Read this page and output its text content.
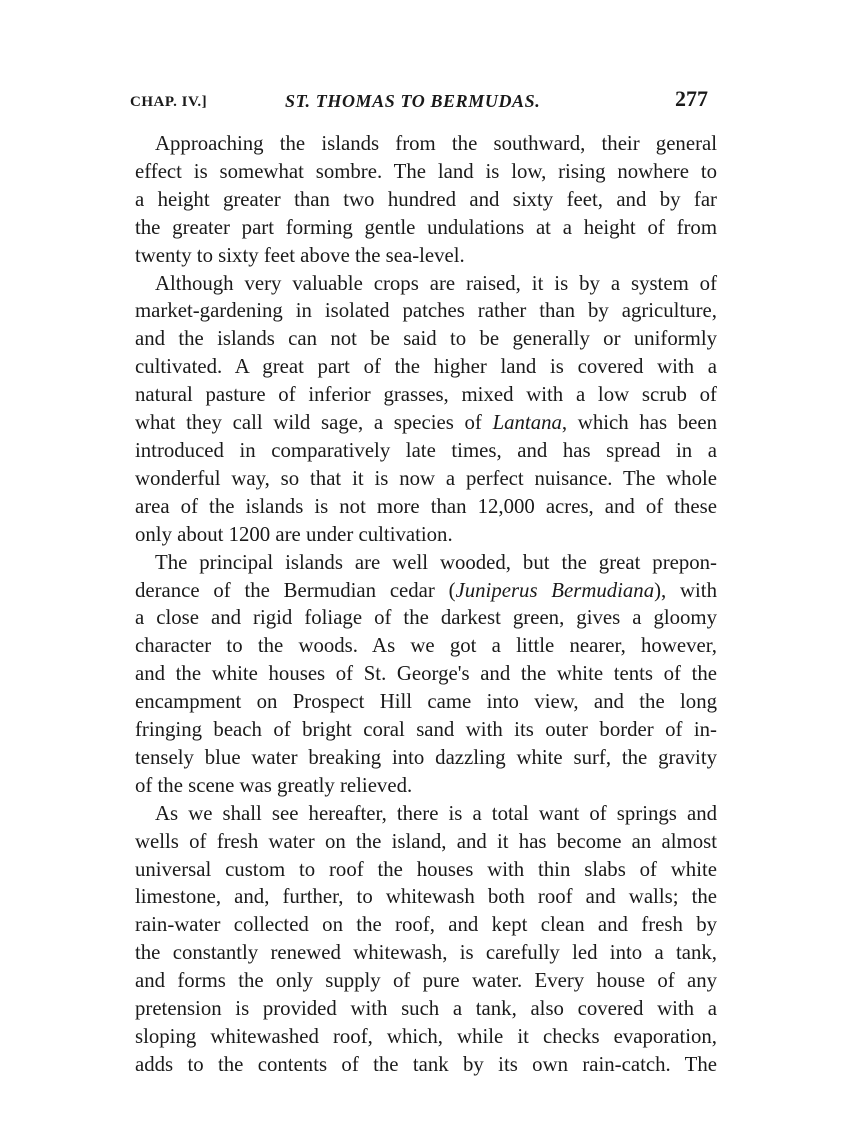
CHAP. IV.]	ST. THOMAS TO BERMUDAS.	277

Approaching the islands from the southward, their general
effect is somewhat sombre. The land is low, rising nowhere to
a height greater than two hundred and sixty feet, and by far
the greater part forming gentle undulations at a height of from
twenty to sixty feet above the sea-level.

Although very valuable crops are raised, it is by a system of
market-gardening in isolated patches rather than by agriculture,
and the islands can not be said to be generally or uniformly
cultivated. A great part of the higher land is covered with a
natural pasture of inferior grasses, mixed with a low scrub of
what they call wild sage, a species of Lantana, which has been
introduced in comparatively late times, and has spread in a
wonderful way, so that it is now a perfect nuisance. The whole
area of the islands is not more than 12,000 acres, and of these
only about 1200 are under cultivation.

The principal islands are well wooded, but the great prepon-
derance of the Bermudian cedar (Juniperus Bermudiana), with
a close and rigid foliage of the darkest green, gives a gloomy
character to the woods. As we got a little nearer, however,
and the white houses of St. George's and the white tents of the
encampment on Prospect Hill came into view, and the long
fringing beach of bright coral sand with its outer border of in-
tensely blue water breaking into dazzling white surf, the gravity
of the scene was greatly relieved.

As we shall see hereafter, there is a total want of springs and
wells of fresh water on the island, and it has become an almost
universal custom to roof the houses with thin slabs of white
limestone, and, further, to whitewash both roof and walls; the
rain-water collected on the roof, and kept clean and fresh by
the constantly renewed whitewash, is carefully led into a tank,
and forms the only supply of pure water. Every house of any
pretension is provided with such a tank, also covered with a
sloping whitewashed roof, which, while it checks evaporation,
adds to the contents of the tank by its own rain-catch. The
